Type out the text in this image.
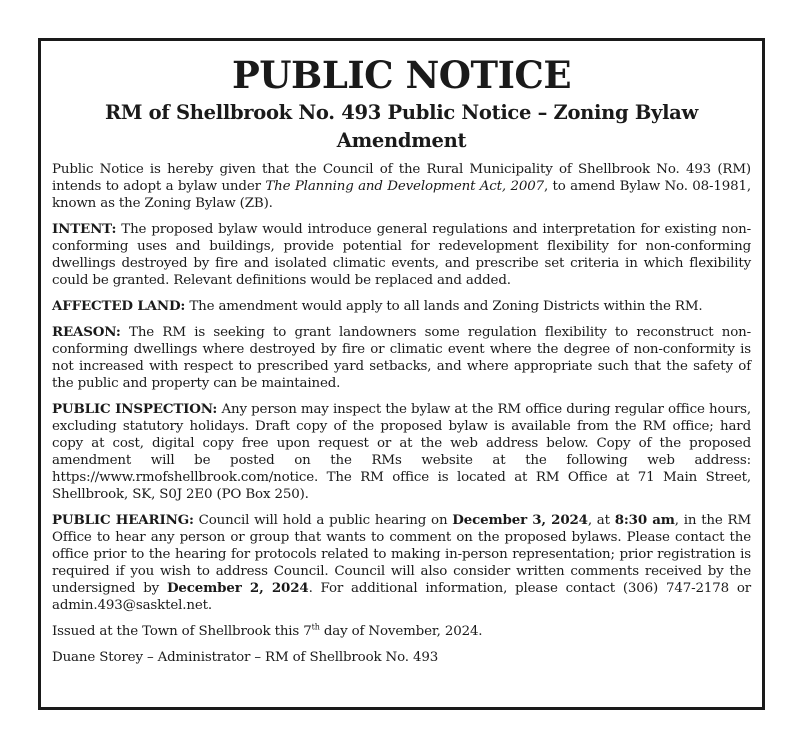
PUBLIC NOTICE
RM of Shellbrook No. 493 Public Notice – Zoning Bylaw Amendment

Public Notice is hereby given that the Council of the Rural Municipality of Shellbrook No. 493 (RM) intends to adopt a bylaw under The Planning and Development Act, 2007, to amend Bylaw No. 08-1981, known as the Zoning Bylaw (ZB).

INTENT: The proposed bylaw would introduce general regulations and interpretation for existing non-conforming uses and buildings, provide potential for redevelopment flexibility for non-conforming dwellings destroyed by fire and isolated climatic events, and prescribe set criteria in which flexibility could be granted. Relevant definitions would be replaced and added.

AFFECTED LAND: The amendment would apply to all lands and Zoning Districts within the RM.

REASON: The RM is seeking to grant landowners some regulation flexibility to reconstruct non-conforming dwellings where destroyed by fire or climatic event where the degree of non-conformity is not increased with respect to prescribed yard setbacks, and where appropriate such that the safety of the public and property can be maintained.

PUBLIC INSPECTION: Any person may inspect the bylaw at the RM office during regular office hours, excluding statutory holidays. Draft copy of the proposed bylaw is available from the RM office; hard copy at cost, digital copy free upon request or at the web address below. Copy of the proposed amendment will be posted on the RMs website at the following web address: https://www.rmofshellbrook.com/notice. The RM office is located at RM Office at 71 Main Street, Shellbrook, SK, S0J 2E0 (PO Box 250).

PUBLIC HEARING: Council will hold a public hearing on December 3, 2024, at 8:30 am, in the RM Office to hear any person or group that wants to comment on the proposed bylaws. Please contact the office prior to the hearing for protocols related to making in-person representation; prior registration is required if you wish to address Council. Council will also consider written comments received by the undersigned by December 2, 2024. For additional information, please contact (306) 747-2178 or admin.493@sasktel.net.

Issued at the Town of Shellbrook this 7th day of November, 2024.

Duane Storey – Administrator – RM of Shellbrook No. 493
